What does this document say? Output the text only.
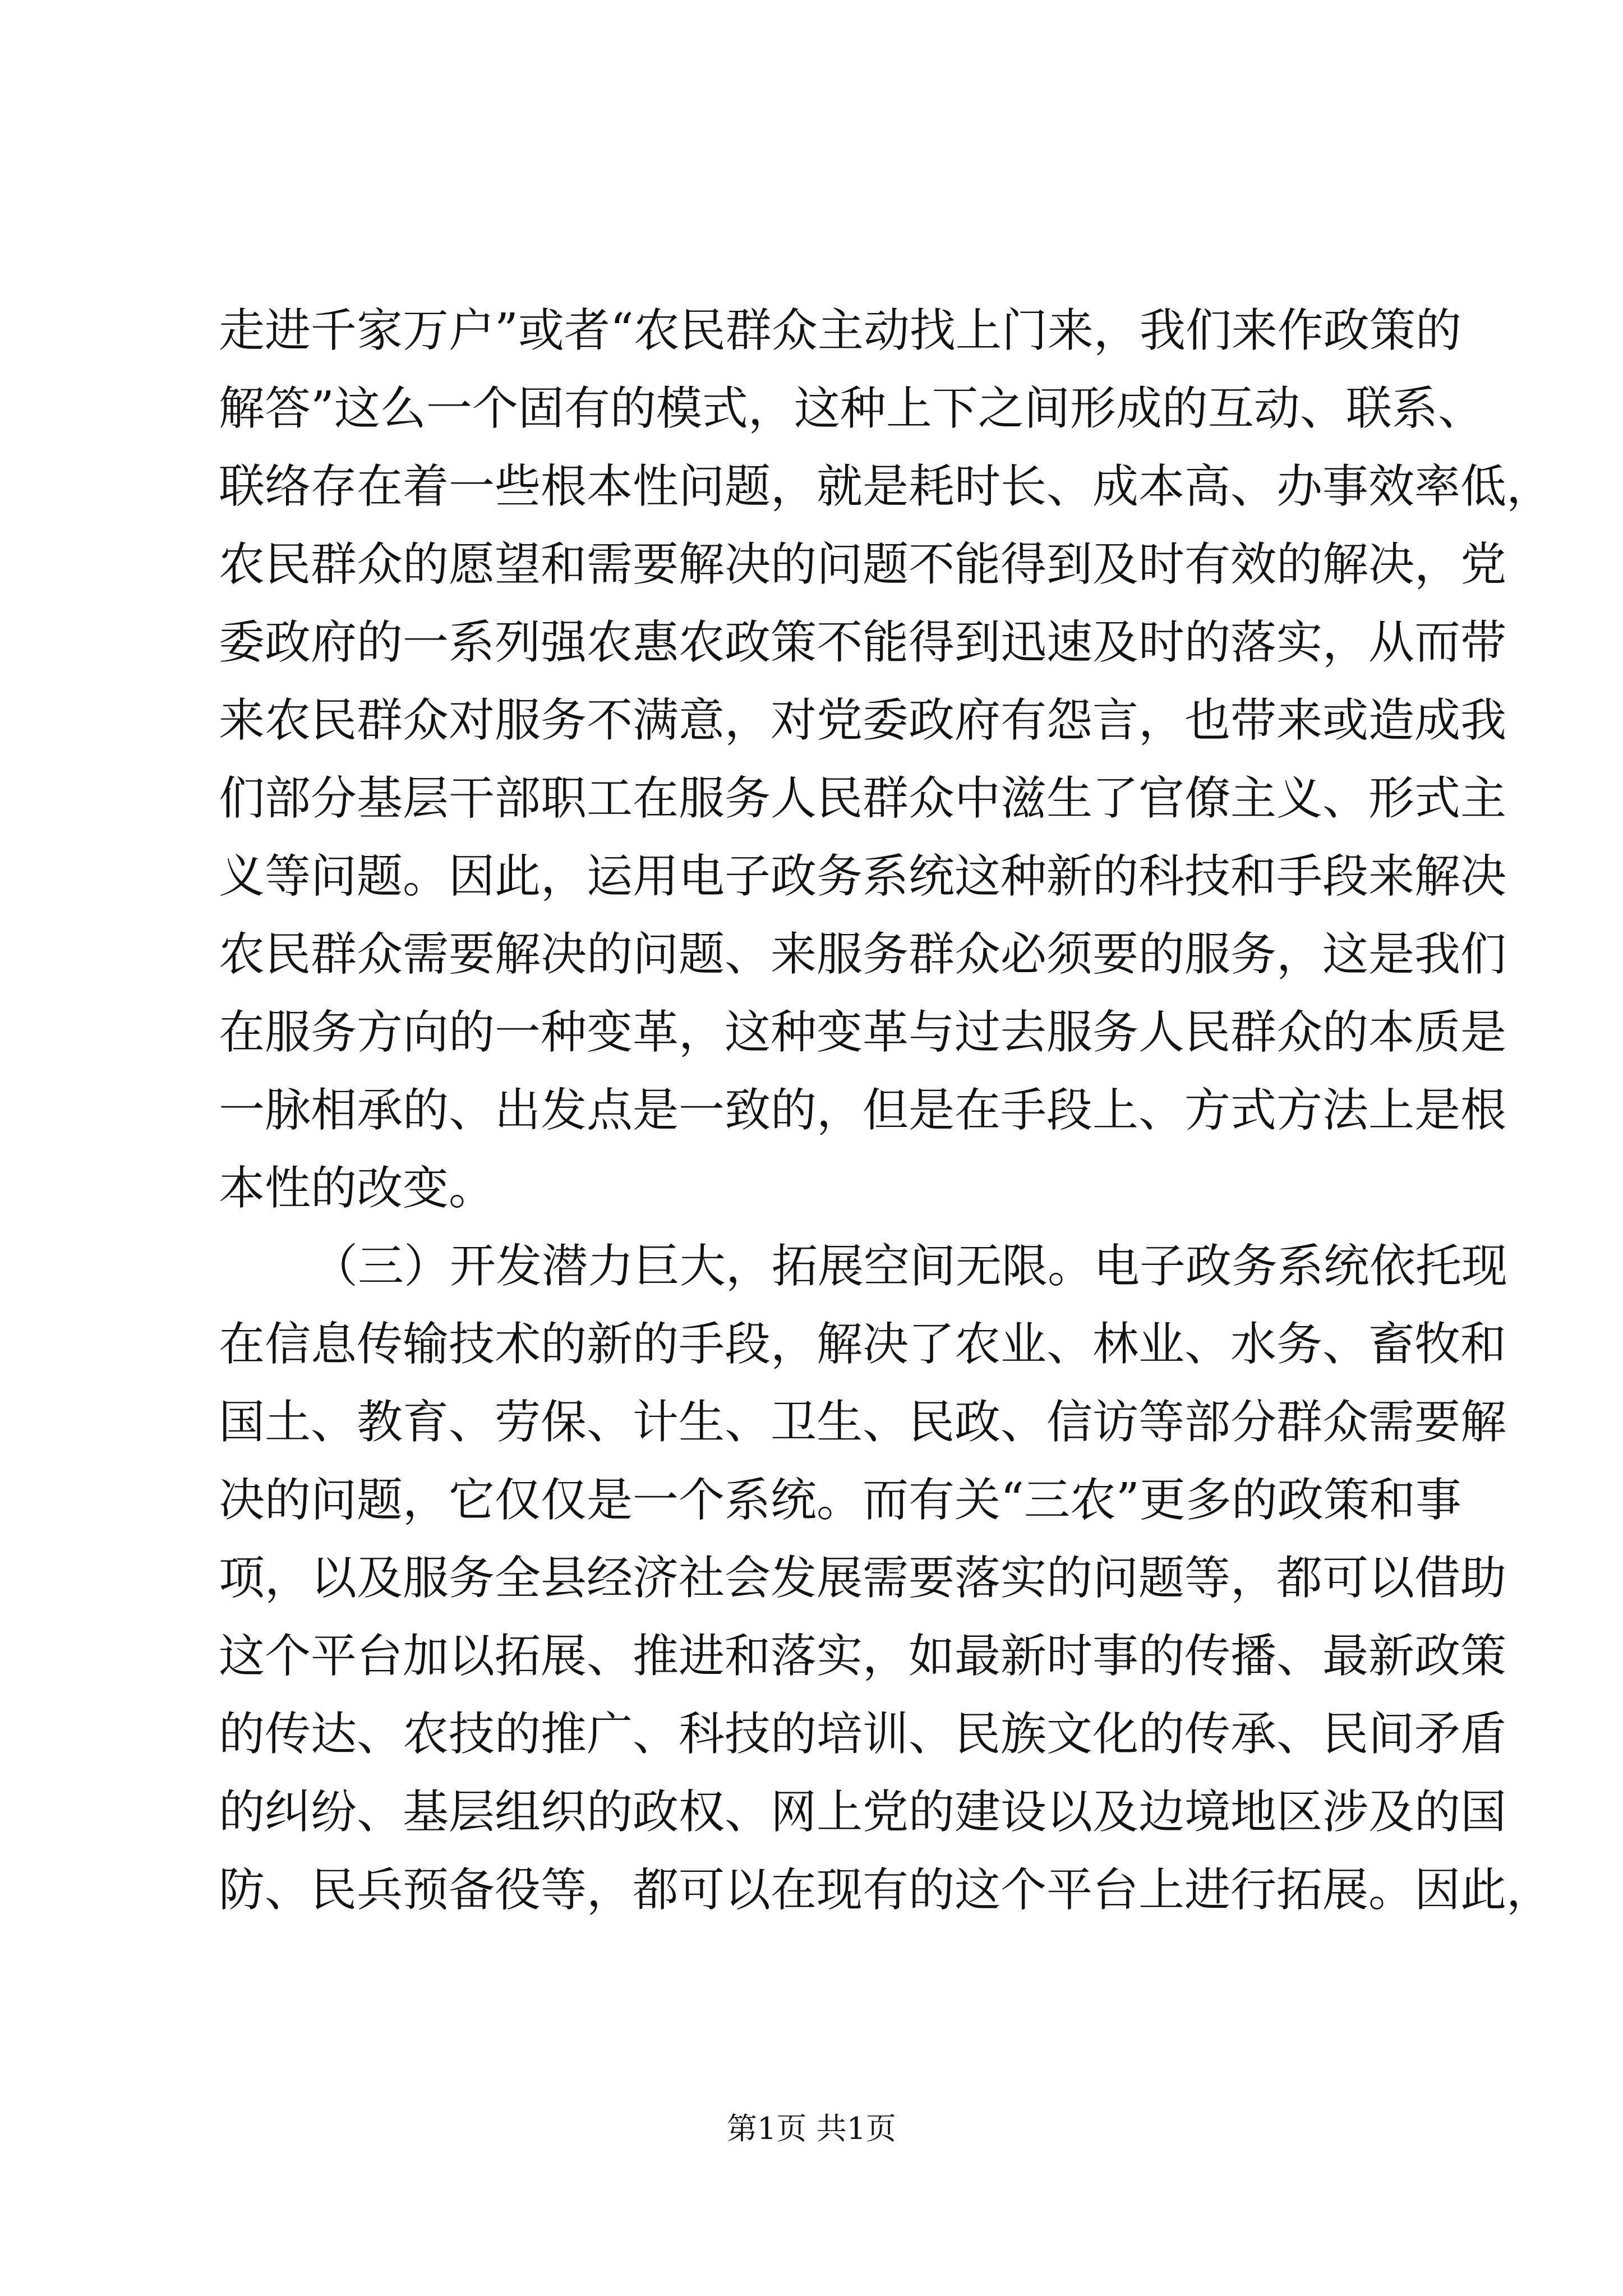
走进千家万户”或者“农民群众主动找上门来，我们来作政策的
解答”这么一个固有的模式，这种上下之间形成的互动、联系、
联络存在着一些根本性问题，就是耗时长、成本高、办事效率低，
农民群众的愿望和需要解决的问题不能得到及时有效的解决，党
委政府的一系列强农惠农政策不能得到迅速及时的落实，从而带
来农民群众对服务不满意，对党委政府有怨言，也带来或造成我
们部分基层干部职工在服务人民群众中滋生了官僚主义、形式主
义等问题。因此，运用电子政务系统这种新的科技和手段来解决
农民群众需要解决的问题、来服务群众必须要的服务，这是我们
在服务方向的一种变革，这种变革与过去服务人民群众的本质是
一脉相承的、出发点是一致的，但是在手段上、方式方法上是根
本性的改变。
（三）开发潜力巨大，拓展空间无限。电子政务系统依托现
在信息传输技术的新的手段，解决了农业、林业、水务、畜牧和
国土、教育、劳保、计生、卫生、民政、信访等部分群众需要解
决的问题，它仅仅是一个系统。而有关“三农”更多的政策和事
项，以及服务全县经济社会发展需要落实的问题等，都可以借助
这个平台加以拓展、推进和落实，如最新时事的传播、最新政策
的传达、农技的推广、科技的培训、民族文化的传承、民间矛盾
的纠纷、基层组织的政权、网上党的建设以及边境地区涉及的国
防、民兵预备役等，都可以在现有的这个平台上进行拓展。因此，
第1页 共1页
